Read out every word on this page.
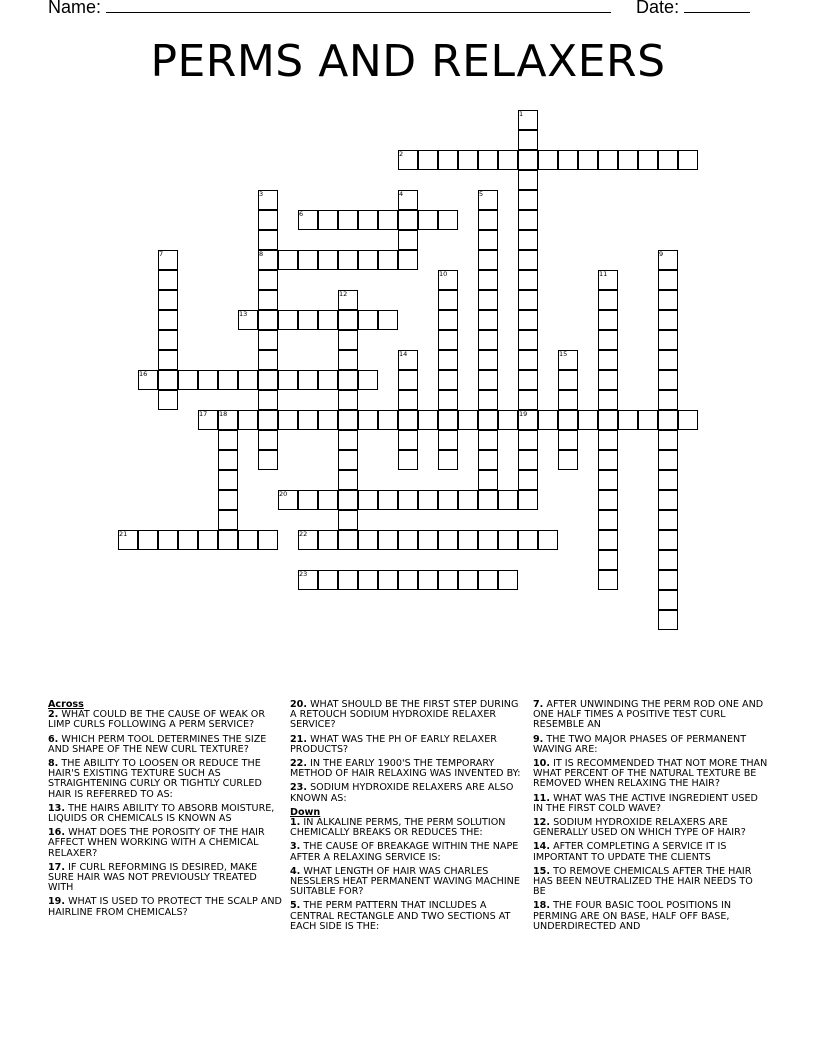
Name:	Date:
PERMS AND RELAXERS
1
2
3	4	5
6
7	8	9
10	11
12
13
14	15
16
17 18	19
20
21	22
23

Across

2. WHAT COULD BE THE CAUSE OF WEAK OR LIMP CURLS FOLLOWING A PERM SERVICE?

6. WHICH PERM TOOL DETERMINES THE SIZE AND SHAPE OF THE NEW CURL TEXTURE?

8. THE ABILITY TO LOOSEN OR REDUCE THE HAIR'S EXISTING TEXTURE SUCH AS STRAIGHTENING CURLY OR TIGHTLY CURLED HAIR IS REFERRED TO AS:

13. THE HAIRS ABILITY TO ABSORB MOISTURE, LIQUIDS OR CHEMICALS IS KNOWN AS

16. WHAT DOES THE POROSITY OF THE HAIR AFFECT WHEN WORKING WITH A CHEMICAL RELAXER?

17. IF CURL REFORMING IS DESIRED, MAKE SURE HAIR WAS NOT PREVIOUSLY TREATED WITH

19. WHAT IS USED TO PROTECT THE SCALP AND HAIRLINE FROM CHEMICALS?

20. WHAT SHOULD BE THE FIRST STEP DURING A RETOUCH SODIUM HYDROXIDE RELAXER SERVICE?

21. WHAT WAS THE PH OF EARLY RELAXER PRODUCTS?

22. IN THE EARLY 1900'S THE TEMPORARY METHOD OF HAIR RELAXING WAS INVENTED BY:

23. SODIUM HYDROXIDE RELAXERS ARE ALSO KNOWN AS:

Down

1. IN ALKALINE PERMS, THE PERM SOLUTION CHEMICALLY BREAKS OR REDUCES THE:

3. THE CAUSE OF BREAKAGE WITHIN THE NAPE AFTER A RELAXING SERVICE IS:

4. WHAT LENGTH OF HAIR WAS CHARLES NESSLERS HEAT PERMANENT WAVING MACHINE SUITABLE FOR?

5. THE PERM PATTERN THAT INCLUDES A CENTRAL RECTANGLE AND TWO SECTIONS AT EACH SIDE IS THE:

7. AFTER UNWINDING THE PERM ROD ONE AND ONE HALF TIMES A POSITIVE TEST CURL RESEMBLE AN

9. THE TWO MAJOR PHASES OF PERMANENT WAVING ARE:

10. IT IS RECOMMENDED THAT NOT MORE THAN WHAT PERCENT OF THE NATURAL TEXTURE BE REMOVED WHEN RELAXING THE HAIR?

11. WHAT WAS THE ACTIVE INGREDIENT USED IN THE FIRST COLD WAVE?

12. SODIUM HYDROXIDE RELAXERS ARE GENERALLY USED ON WHICH TYPE OF HAIR?

14. AFTER COMPLETING A SERVICE IT IS IMPORTANT TO UPDATE THE CLIENTS

15. TO REMOVE CHEMICALS AFTER THE HAIR HAS BEEN NEUTRALIZED THE HAIR NEEDS TO BE

18. THE FOUR BASIC TOOL POSITIONS IN PERMING ARE ON BASE, HALF OFF BASE, UNDERDIRECTED AND
